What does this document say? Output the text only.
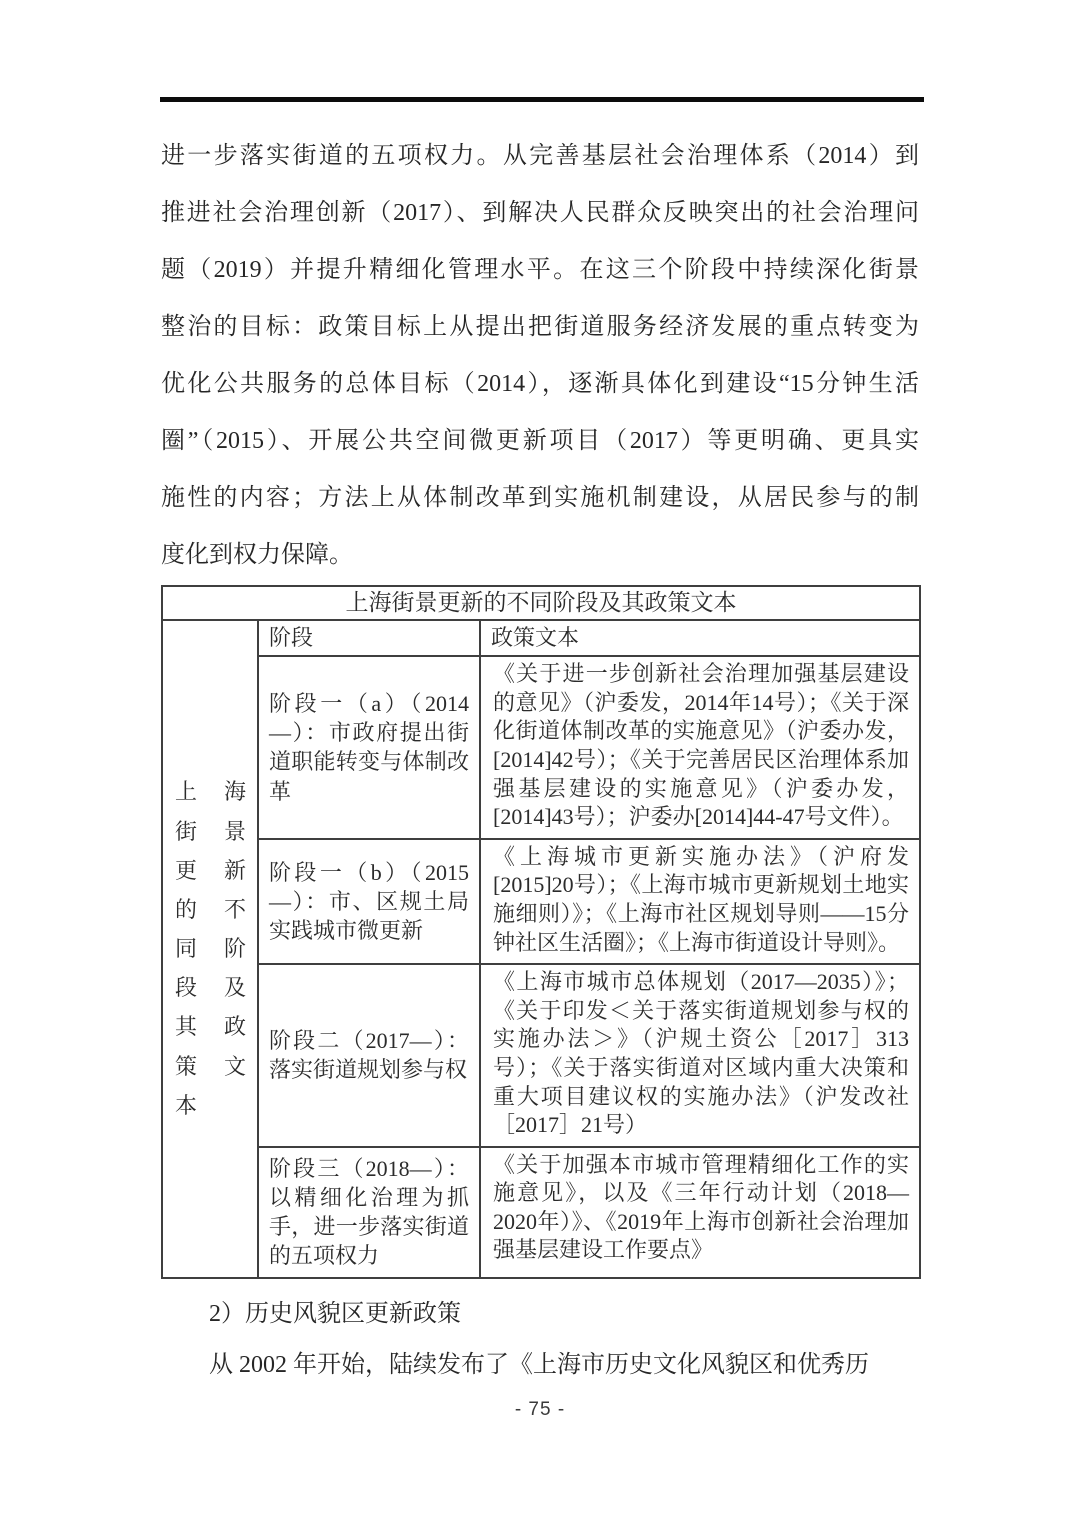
进一步落实街道的五项权力。从完善基层社会治理体系（2014）到
推进社会治理创新（2017）、到解决人民群众反映突出的社会治理问
题（2019）并提升精细化管理水平。在这三个阶段中持续深化街景
整治的目标：政策目标上从提出把街道服务经济发展的重点转变为
优化公共服务的总体目标（2014），逐渐具体化到建设“15分钟生活
圈”（2015）、开展公共空间微更新项目（2017）等更明确、更具实
施性的内容；方法上从体制改革到实施机制建设，从居民参与的制
度化到权力保障。
上海街景更新的不同阶段及其政策文本		
上海街景更新的不同阶段及其政策文本	阶段	政策文本
	阶段一（a）（2014—）：市政府提出街道职能转变与体制改革	《关于进一步创新社会治理加强基层建设的意见》（沪委发，2014年14号）；《关于深化街道体制改革的实施意见》（沪委办发，[2014]42号）；《关于完善居民区治理体系加强基层建设的实施意见》（沪委办发，[2014]43号）；沪委办[2014]44-47号文件）。
	阶段一（b）（2015—）：市、区规土局实践城市微更新	《上海城市更新实施办法》（沪府发[2015]20号）；《上海市城市更新规划土地实施细则）》；《上海市社区规划导则——15分钟社区生活圈》；《上海市街道设计导则》。
	阶段二（2017—）：落实街道规划参与权	《上海市城市总体规划（2017—2035）》；《关于印发＜关于落实街道规划参与权的实施办法＞》（沪规土资公［2017］313号）；《关于落实街道对区域内重大决策和重大项目建议权的实施办法》（沪发改社［2017］21号）
	阶段三（2018—）：以精细化治理为抓手，进一步落实街道的五项权力	《关于加强本市城市管理精细化工作的实施意见》，以及《三年行动计划（2018—2020年）》、《2019年上海市创新社会治理加强基层建设工作要点》
2）历史风貌区更新政策
从 2002 年开始，陆续发布了《上海市历史文化风貌区和优秀历
- 75 -
